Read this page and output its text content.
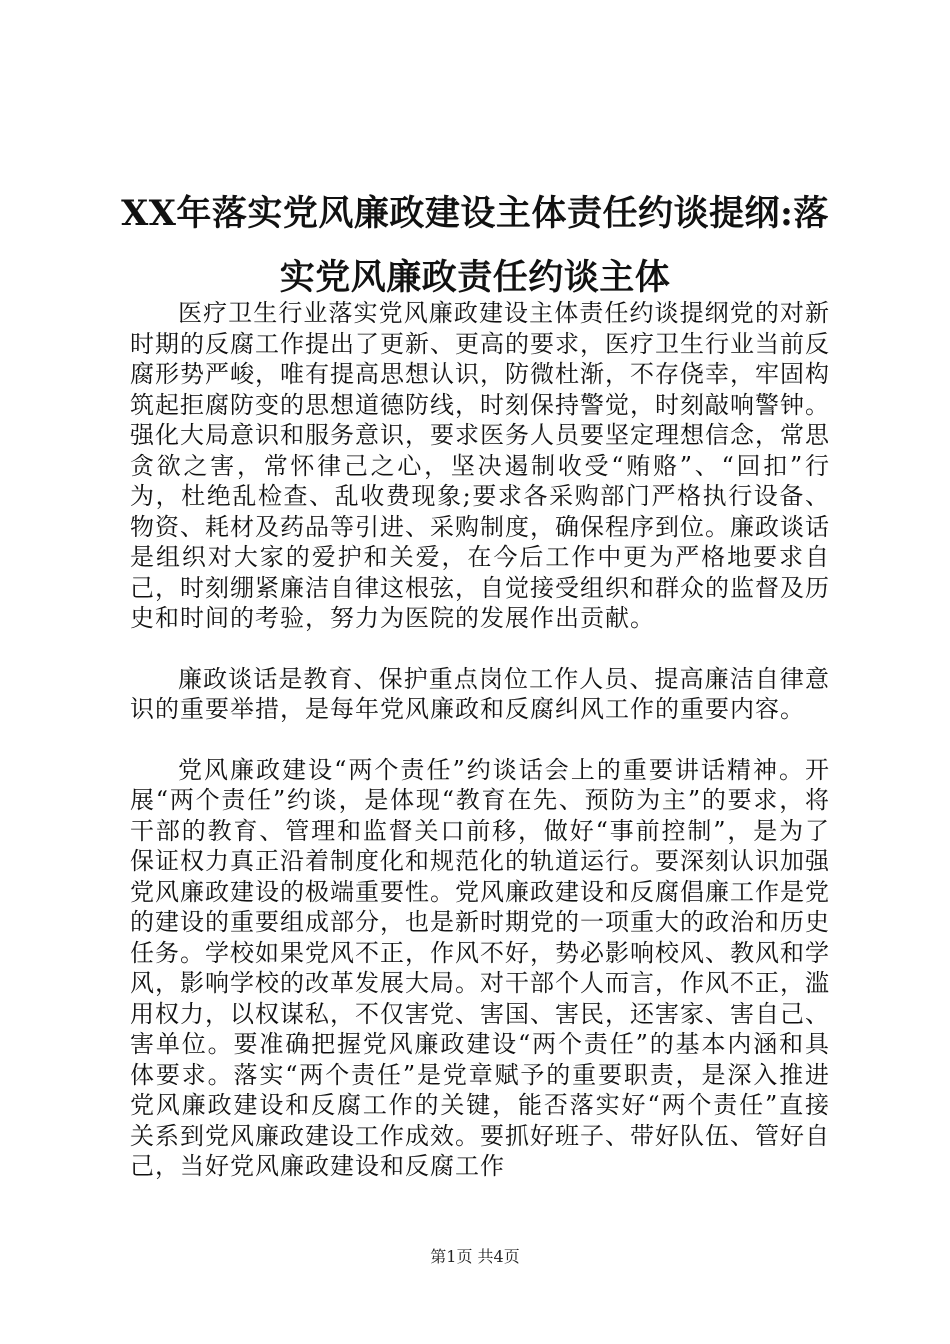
XX年落实党风廉政建设主体责任约谈提纲:落实党风廉政责任约谈主体

医疗卫生行业落实党风廉政建设主体责任约谈提纲党的对新时期的反腐工作提出了更新、更高的要求，医疗卫生行业当前反腐形势严峻，唯有提高思想认识，防微杜渐，不存侥幸，牢固构筑起拒腐防变的思想道德防线，时刻保持警觉，时刻敲响警钟。强化大局意识和服务意识，要求医务人员要坚定理想信念，常思贪欲之害，常怀律己之心，坚决遏制收受“贿赂”、“回扣”行为，杜绝乱检查、乱收费现象;要求各采购部门严格执行设备、物资、耗材及药品等引进、采购制度，确保程序到位。廉政谈话是组织对大家的爱护和关爱，在今后工作中更为严格地要求自己，时刻绷紧廉洁自律这根弦，自觉接受组织和群众的监督及历史和时间的考验，努力为医院的发展作出贡献。

廉政谈话是教育、保护重点岗位工作人员、提高廉洁自律意识的重要举措，是每年党风廉政和反腐纠风工作的重要内容。

党风廉政建设“两个责任”约谈话会上的重要讲话精神。开展“两个责任”约谈，是体现“教育在先、预防为主”的要求，将干部的教育、管理和监督关口前移，做好“事前控制”，是为了保证权力真正沿着制度化和规范化的轨道运行。要深刻认识加强党风廉政建设的极端重要性。党风廉政建设和反腐倡廉工作是党的建设的重要组成部分，也是新时期党的一项重大的政治和历史任务。学校如果党风不正，作风不好，势必影响校风、教风和学风，影响学校的改革发展大局。对干部个人而言，作风不正，滥用权力，以权谋私，不仅害党、害国、害民，还害家、害自己、害单位。要准确把握党风廉政建设“两个责任”的基本内涵和具体要求。落实“两个责任”是党章赋予的重要职责，是深入推进党风廉政建设和反腐工作的关键，能否落实好“两个责任”直接关系到党风廉政建设工作成效。要抓好班子、带好队伍、管好自己，当好党风廉政建设和反腐工作

第1页 共4页
